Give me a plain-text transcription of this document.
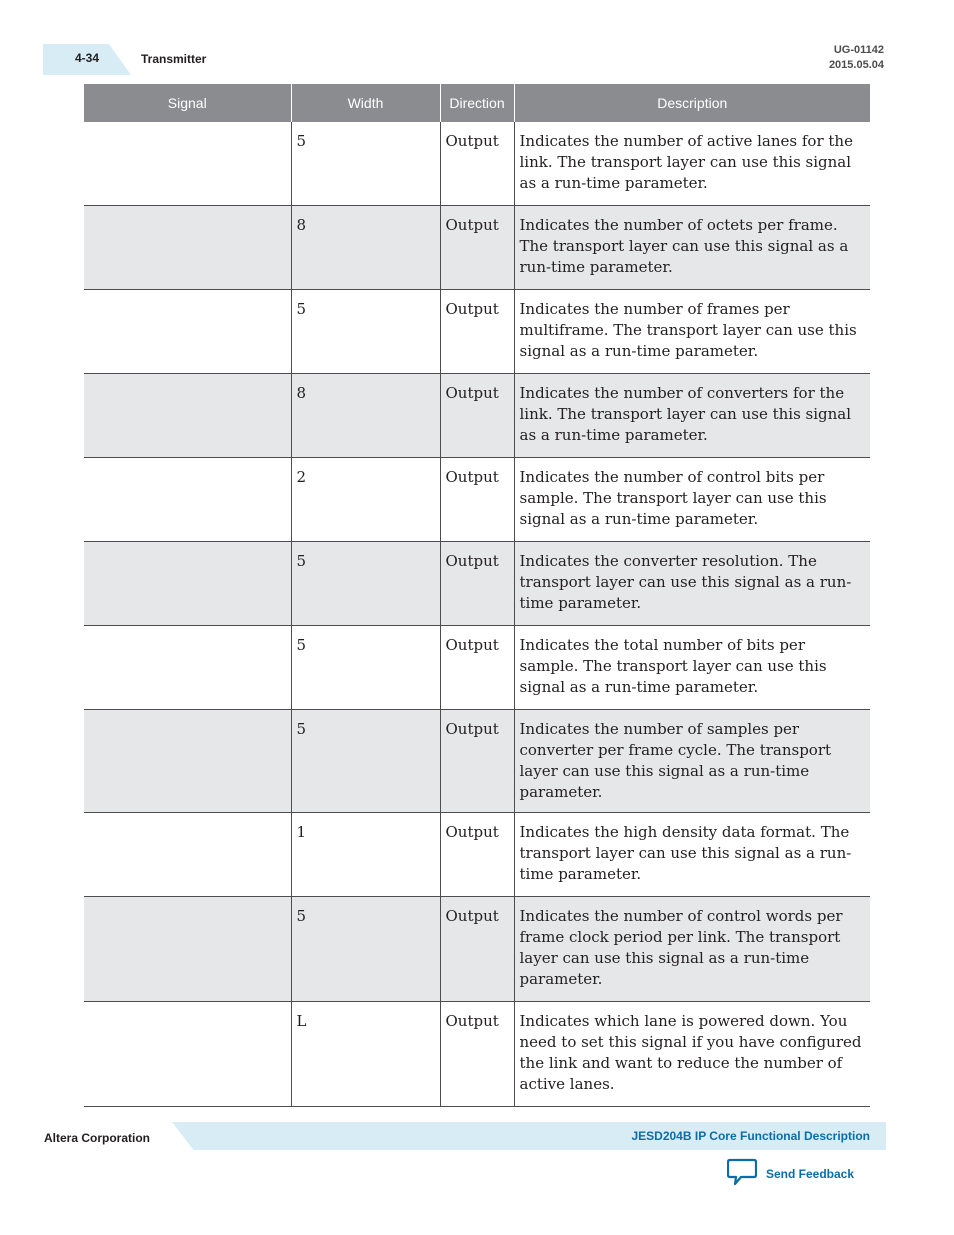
4-34	Transmitter
UG-01142
2015.05.04
Signal	Width	Direction	Description
	5	Output	Indicates the number of active lanes for the link. The transport layer can use this signal as a run-time parameter.
	8	Output	Indicates the number of octets per frame. The transport layer can use this signal as a run-time parameter.
	5	Output	Indicates the number of frames per multiframe. The transport layer can use this signal as a run-time parameter.
	8	Output	Indicates the number of converters for the link. The transport layer can use this signal as a run-time parameter.
	2	Output	Indicates the number of control bits per sample. The transport layer can use this signal as a run-time parameter.
	5	Output	Indicates the converter resolution. The transport layer can use this signal as a run-time parameter.
	5	Output	Indicates the total number of bits per sample. The transport layer can use this signal as a run-time parameter.
	5	Output	Indicates the number of samples per converter per frame cycle. The transport layer can use this signal as a run-time parameter.
	1	Output	Indicates the high density data format. The transport layer can use this signal as a run-time parameter.
	5	Output	Indicates the number of control words per frame clock period per link. The transport layer can use this signal as a run-time parameter.
	L	Output	Indicates which lane is powered down. You need to set this signal if you have configured the link and want to reduce the number of active lanes.
Altera Corporation	JESD204B IP Core Functional Description
Send Feedback
